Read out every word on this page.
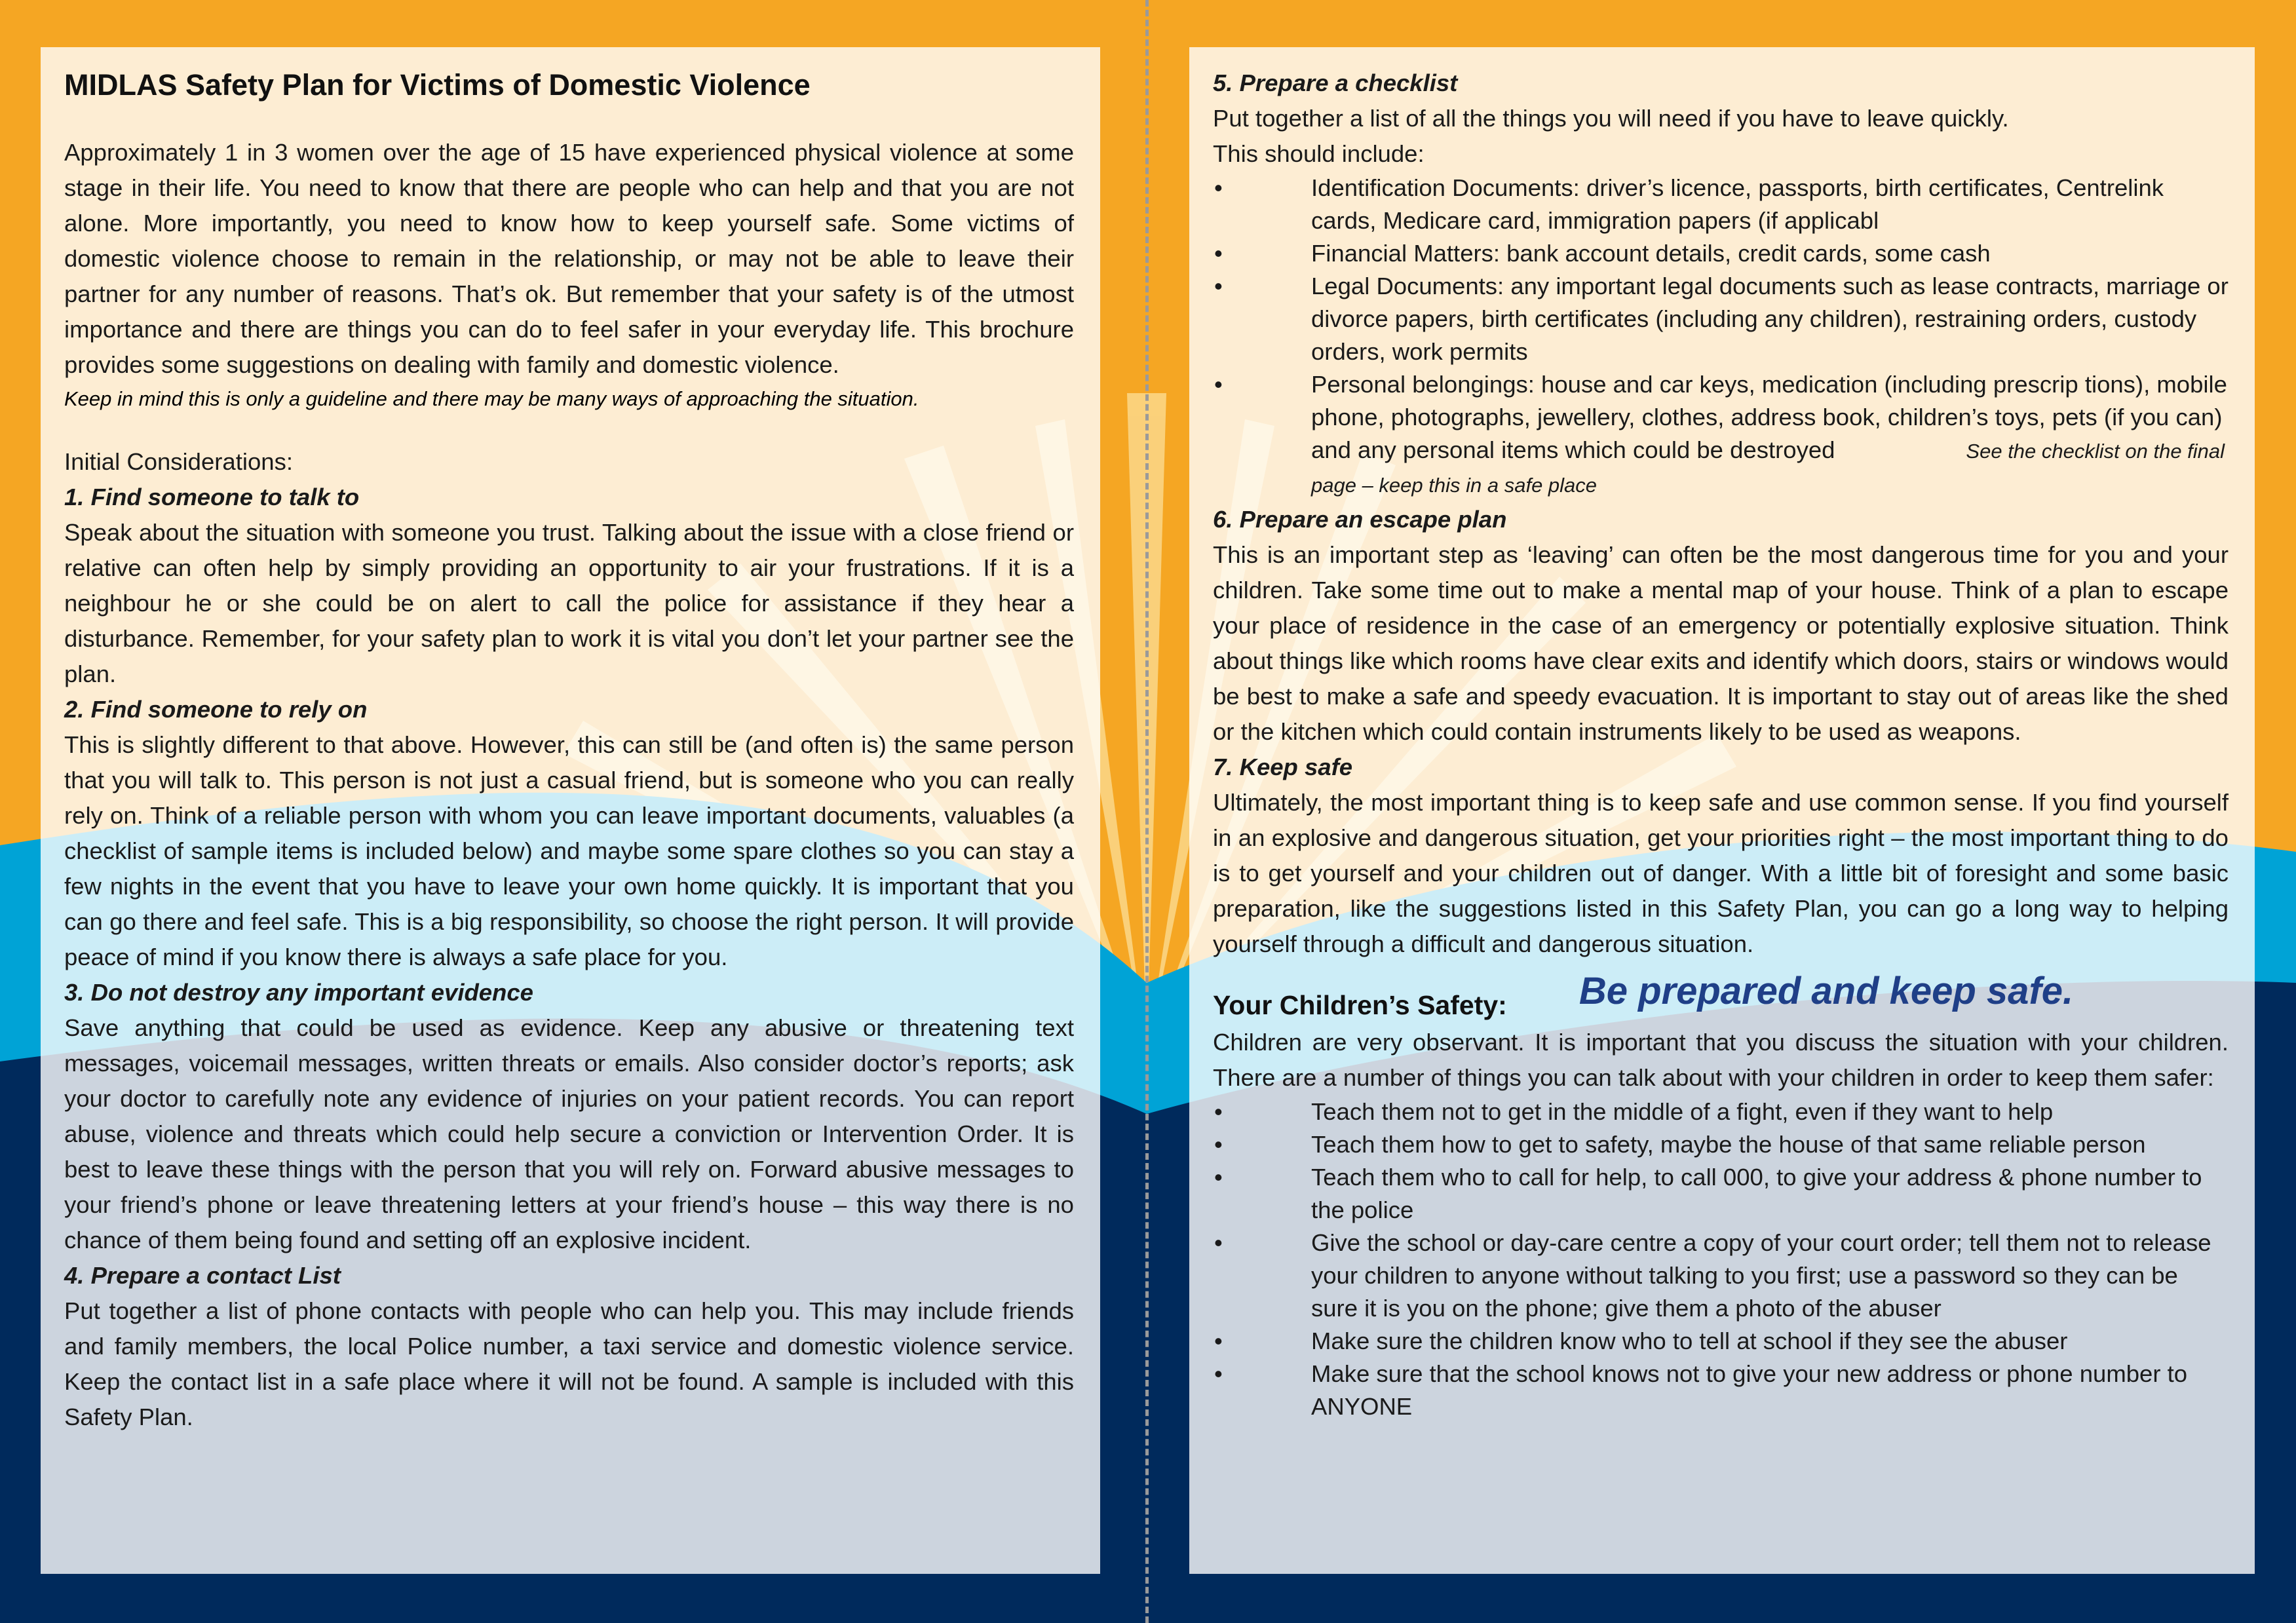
MIDLAS Safety Plan for Victims of Domestic Violence
Approximately 1 in 3 women over the age of 15 have experienced physical violence at some stage in their life. You need to know that there are people who can help and that you are not alone. More importantly, you need to know how to keep yourself safe. Some victims of domestic violence choose to remain in the relationship, or may not be able to leave their partner for any number of reasons. That’s ok. But remember that your safety is of the utmost importance and there are things you can do to feel safer in your everyday life. This brochure provides some suggestions on dealing with family and domestic violence.
Keep in mind this is only a guideline and there may be many ways of approaching the situation.
Initial Considerations:
1. Find someone to talk to
Speak about the situation with someone you trust. Talking about the issue with a close friend or relative can often help by simply providing an opportunity to air your frustrations. If it is a neighbour he or she could be on alert to call the police for assistance if they hear a disturbance. Remember, for your safety plan to work it is vital you don’t let your partner see the plan.
2. Find someone to rely on
This is slightly different to that above. However, this can still be (and often is) the same person that you will talk to. This person is not just a casual friend, but is someone who you can really rely on. Think of a reliable person with whom you can leave important documents, valuables (a checklist of sample items is included below) and maybe some spare clothes so you can stay a few nights in the event that you have to leave your own home quickly. It is important that you can go there and feel safe. This is a big responsibility, so choose the right person. It will provide peace of mind if you know there is always a safe place for you.
3. Do not destroy any important evidence
Save anything that could be used as evidence. Keep any abusive or threatening text messages, voicemail messages, written threats or emails. Also consider doctor’s reports; ask your doctor to carefully note any evidence of injuries on your patient records. You can report abuse, violence and threats which could help secure a conviction or Intervention Order. It is best to leave these things with the person that you will rely on. Forward abusive messages to your friend’s phone or leave threatening letters at your friend’s house – this way there is no chance of them being found and setting off an explosive incident.
4. Prepare a contact List
Put together a list of phone contacts with people who can help you. This may include friends and family members, the local Police number, a taxi service and domestic violence service. Keep the contact list in a safe place where it will not be found. A sample is included with this Safety Plan.
5. Prepare a checklist
Put together a list of all the things you will need if you have to leave quickly.
This should include:
•	Identification Documents: driver’s licence, passports, birth certificates, Centrelink cards, Medicare card, immigration papers (if applicabl
•	Financial Matters: bank account details, credit cards, some cash
•	Legal Documents: any important legal documents such as lease contracts, marriage or divorce papers, birth certificates (including any children), restraining orders, custody orders, work permits
•	Personal belongings: house and car keys, medication (including prescrip tions), mobile phone, photographs, jewellery, clothes, address book, children’s toys, pets (if you can) and any personal items which could be destroyed	See the checklist on the final page – keep this in a safe place
6. Prepare an escape plan
This is an important step as ‘leaving’ can often be the most dangerous time for you and your children. Take some time out to make a mental map of your house. Think of a plan to escape your place of residence in the case of an emergency or potentially explosive situation. Think about things like which rooms have clear exits and identify which doors, stairs or windows would be best to make a safe and speedy evacuation. It is important to stay out of areas like the shed or the kitchen which could contain instruments likely to be used as weapons.
7. Keep safe
Ultimately, the most important thing is to keep safe and use common sense. If you find yourself in an explosive and dangerous situation, get your priorities right – the most important thing to do is to get yourself and your children out of danger. With a little bit of foresight and some basic preparation, like the suggestions listed in this Safety Plan, you can go a long way to helping yourself through a difficult and dangerous situation.
Your Children’s Safety: Be prepared and keep safe.
Children are very observant. It is important that you discuss the situation with your children. There are a number of things you can talk about with your children in order to keep them safer:
•	Teach them not to get in the middle of a fight, even if they want to help
•	Teach them how to get to safety, maybe the house of that same reliable person
•	Teach them who to call for help, to call 000, to give your address & phone number to the police
•	Give the school or day-care centre a copy of your court order; tell them not to release your children to anyone without talking to you first; use a password so they can be sure it is you on the phone; give them a photo of the abuser
•	Make sure the children know who to tell at school if they see the abuser
•	Make sure that the school knows not to give your new address or phone number to ANYONE
